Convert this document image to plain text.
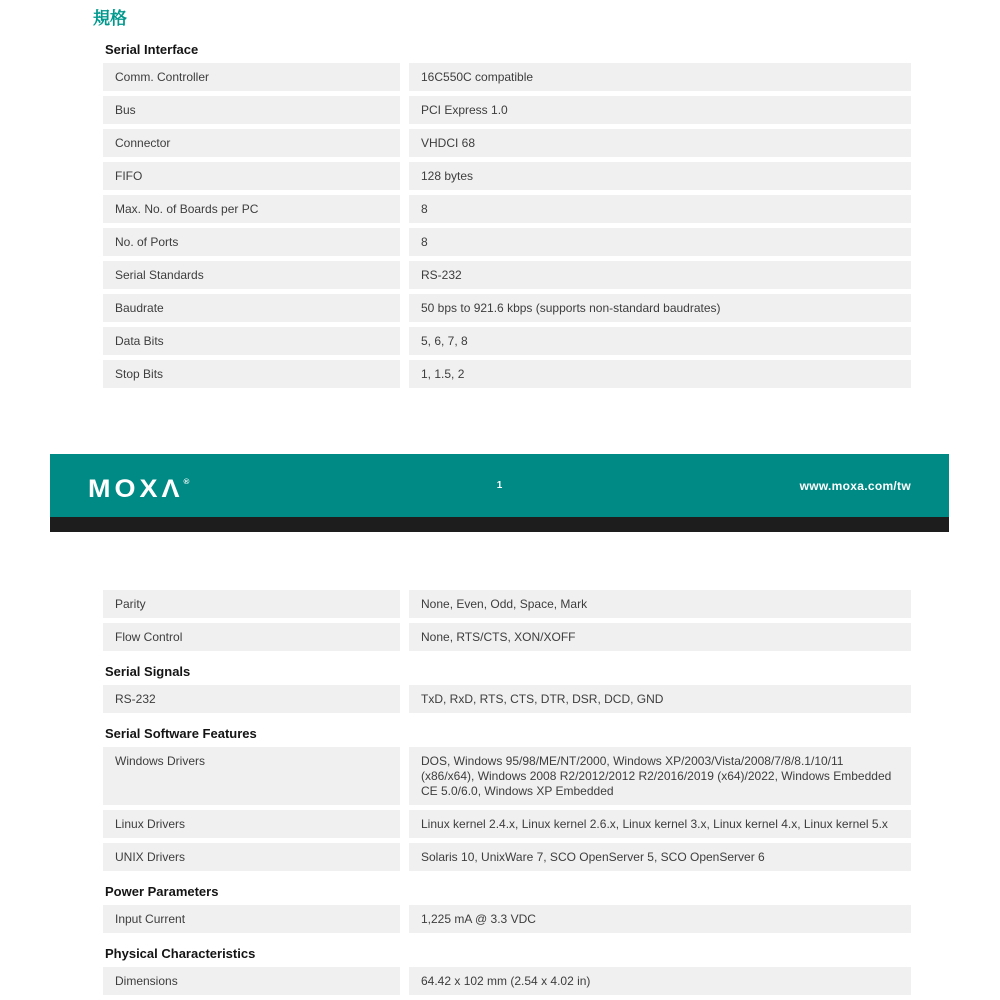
規格
Serial Interface
Comm. Controller	16C550C compatible
Bus	PCI Express 1.0
Connector	VHDCI 68
FIFO	128 bytes
Max. No. of Boards per PC	8
No. of Ports	8
Serial Standards	RS-232
Baudrate	50 bps to 921.6 kbps (supports non-standard baudrates)
Data Bits	5, 6, 7, 8
Stop Bits	1, 1.5, 2
MOXΛ®	1	www.moxa.com/tw
Parity	None, Even, Odd, Space, Mark
Flow Control	None, RTS/CTS, XON/XOFF
Serial Signals
RS-232	TxD, RxD, RTS, CTS, DTR, DSR, DCD, GND
Serial Software Features
Windows Drivers	DOS, Windows 95/98/ME/NT/2000, Windows XP/2003/Vista/2008/7/8/8.1/10/11 (x86/x64), Windows 2008 R2/2012/2012 R2/2016/2019 (x64)/2022, Windows Embedded CE 5.0/6.0, Windows XP Embedded
Linux Drivers	Linux kernel 2.4.x, Linux kernel 2.6.x, Linux kernel 3.x, Linux kernel 4.x, Linux kernel 5.x
UNIX Drivers	Solaris 10, UnixWare 7, SCO OpenServer 5, SCO OpenServer 6
Power Parameters
Input Current	1,225 mA @ 3.3 VDC
Physical Characteristics
Dimensions	64.42 x 102 mm (2.54 x 4.02 in)
